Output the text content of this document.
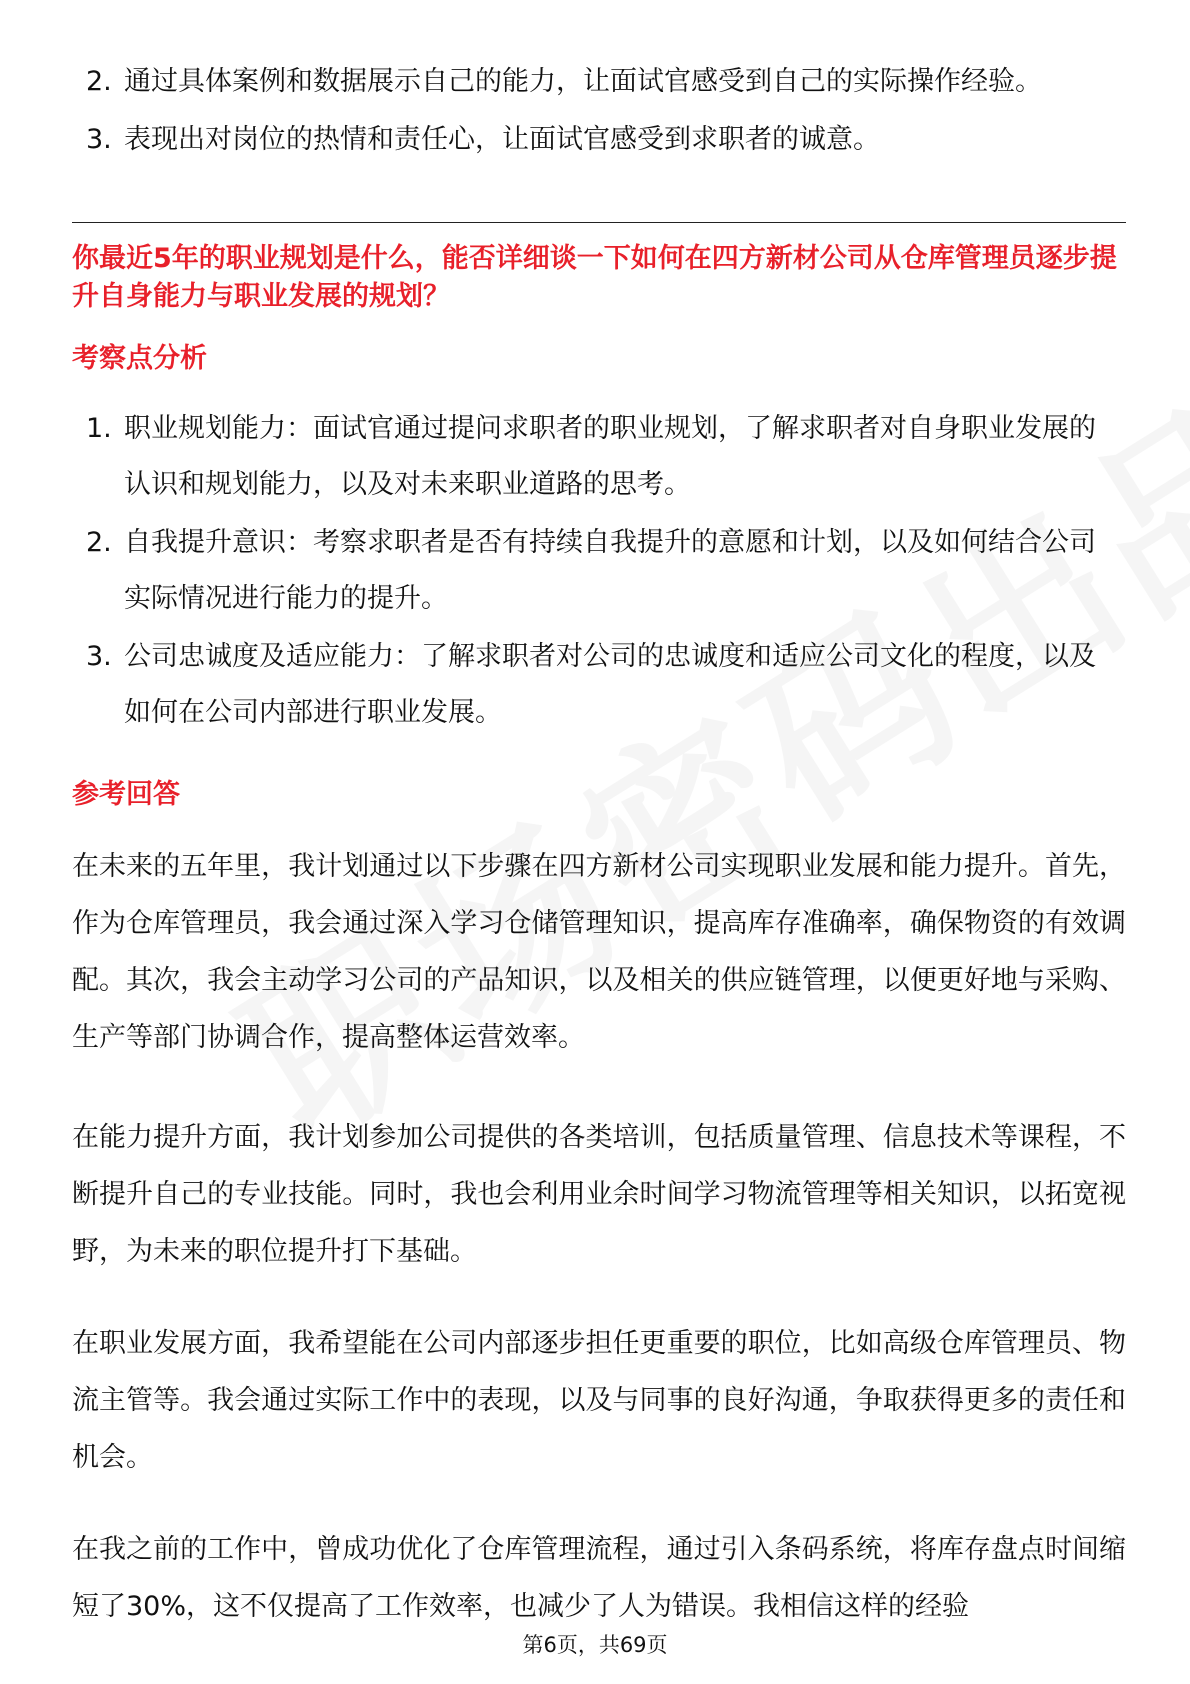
2. 通过具体案例和数据展示自己的能力，让面试官感受到自己的实际操作经验。
3. 表现出对岗位的热情和责任心，让面试官感受到求职者的诚意。
你最近5年的职业规划是什么，能否详细谈一下如何在四方新材公司从仓库管理员逐步提升自身能力与职业发展的规划？
考察点分析
1. 职业规划能力：面试官通过提问求职者的职业规划，了解求职者对自身职业发展的认识和规划能力，以及对未来职业道路的思考。
2. 自我提升意识：考察求职者是否有持续自我提升的意愿和计划，以及如何结合公司实际情况进行能力的提升。
3. 公司忠诚度及适应能力：了解求职者对公司的忠诚度和适应公司文化的程度，以及如何在公司内部进行职业发展。
参考回答

在未来的五年里，我计划通过以下步骤在四方新材公司实现职业发展和能力提升。首先，作为仓库管理员，我会通过深入学习仓储管理知识，提高库存准确率，确保物资的有效调配。其次，我会主动学习公司的产品知识，以及相关的供应链管理，以便更好地与采购、生产等部门协调合作，提高整体运营效率。

在能力提升方面，我计划参加公司提供的各类培训，包括质量管理、信息技术等课程，不断提升自己的专业技能。同时，我也会利用业余时间学习物流管理等相关知识，以拓宽视野，为未来的职位提升打下基础。

在职业发展方面，我希望能在公司内部逐步担任更重要的职位，比如高级仓库管理员、物流主管等。我会通过实际工作中的表现，以及与同事的良好沟通，争取获得更多的责任和机会。

在我之前的工作中，曾成功优化了仓库管理流程，通过引入条码系统，将库存盘点时间缩短了30%，这不仅提高了工作效率，也减少了人为错误。我相信这样的经验

第6页，共69页
